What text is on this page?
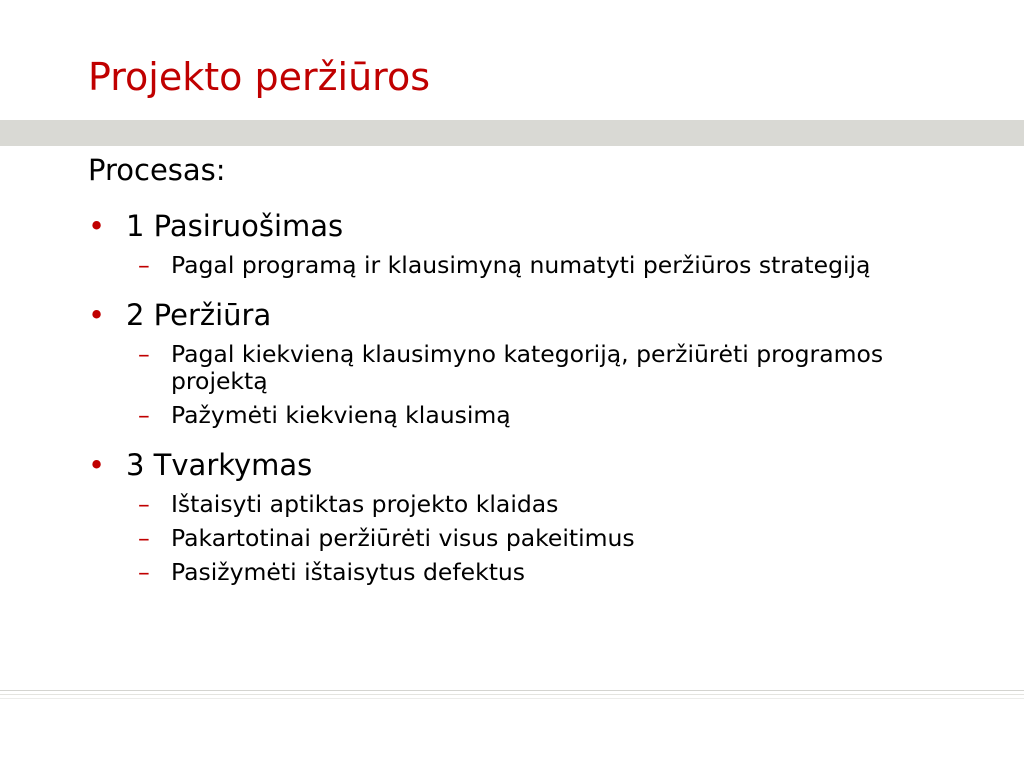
Projekto peržiūros

Procesas:

• 1 Pasiruošimas
– Pagal programą ir klausimyną numatyti peržiūros strategiją
• 2 Peržiūra
– Pagal kiekvieną klausimyno kategoriją, peržiūrėti programos projektą
– Pažymėti kiekvieną klausimą
• 3 Tvarkymas
– Ištaisyti aptiktas projekto klaidas
– Pakartotinai peržiūrėti visus pakeitimus
– Pasižymėti ištaisytus defektus
